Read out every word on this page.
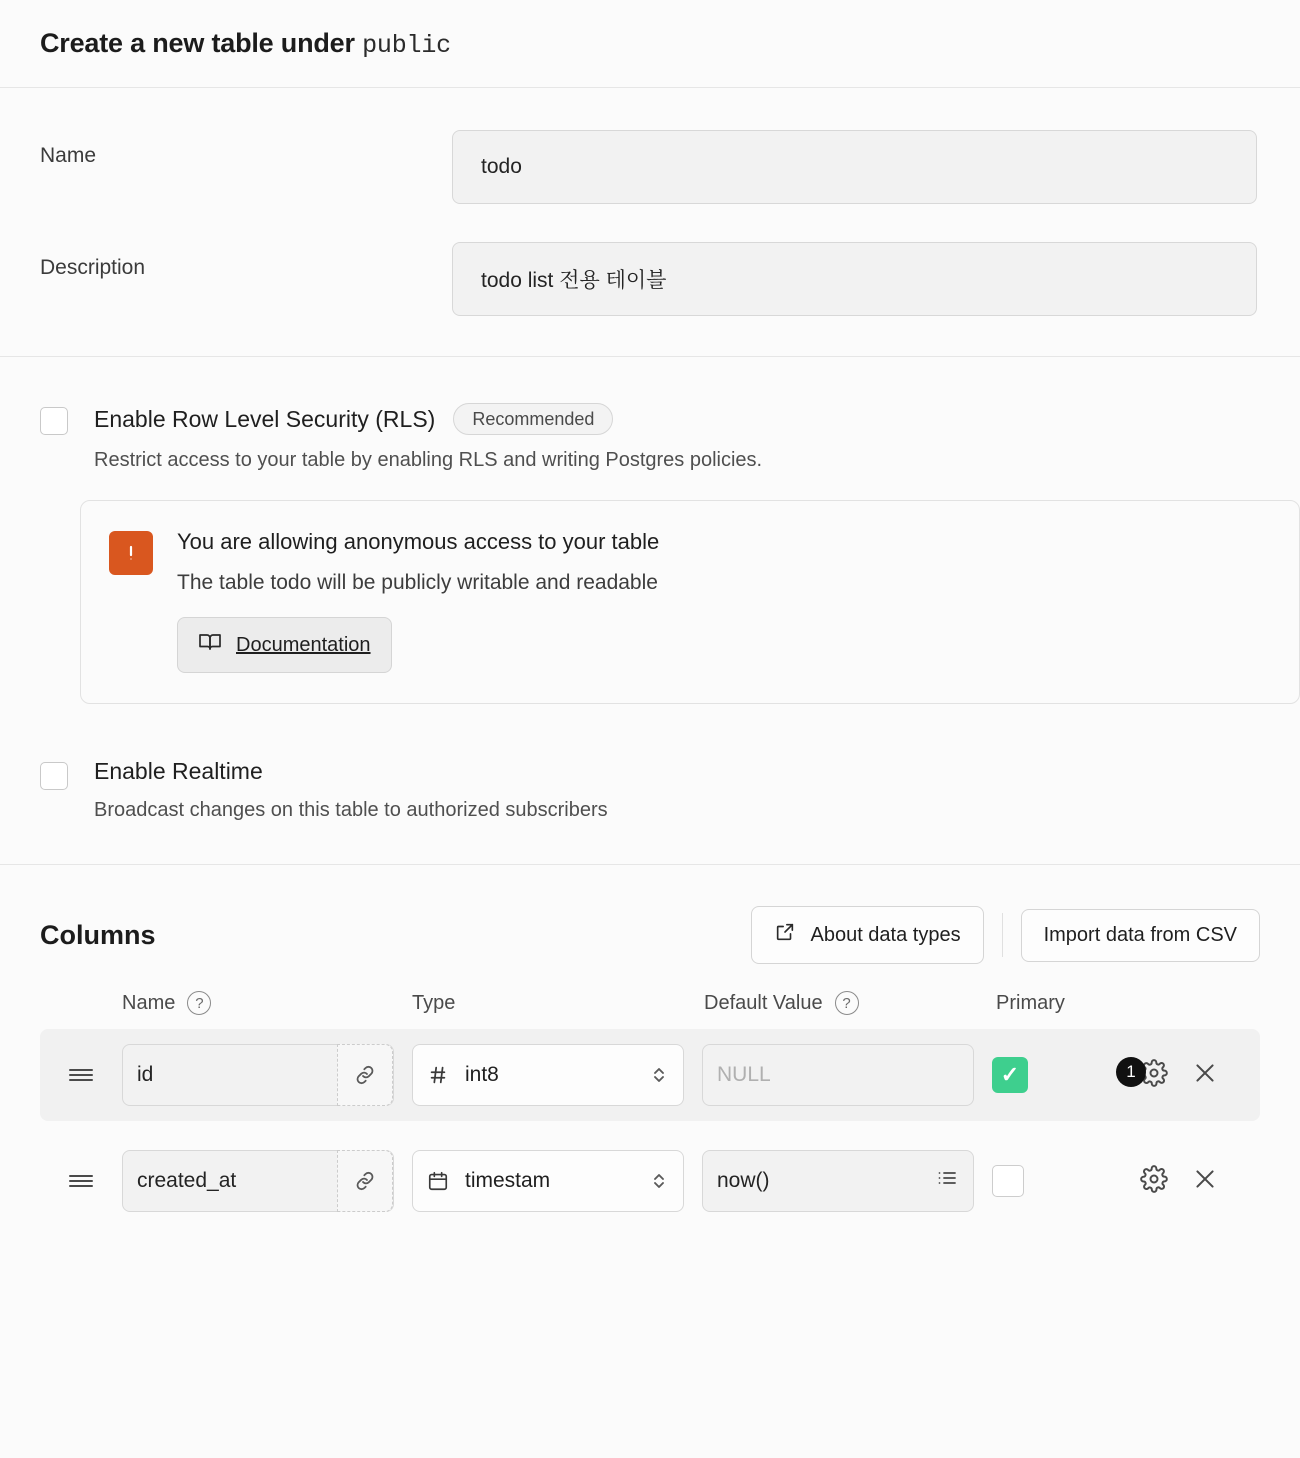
Create a new table under public
Name
todo
Description
todo list 전용 테이블
Enable Row Level Security (RLS)	Recommended
Restrict access to your table by enabling RLS and writing Postgres policies.
You are allowing anonymous access to your table
The table todo will be publicly writable and readable
Documentation
Enable Realtime
Broadcast changes on this table to authorized subscribers
Columns	About data types	Import data from CSV
Name	?	Type	Default Value	?	Primary
id	int8	NULL	✓	1
created_at	timestam	now()
